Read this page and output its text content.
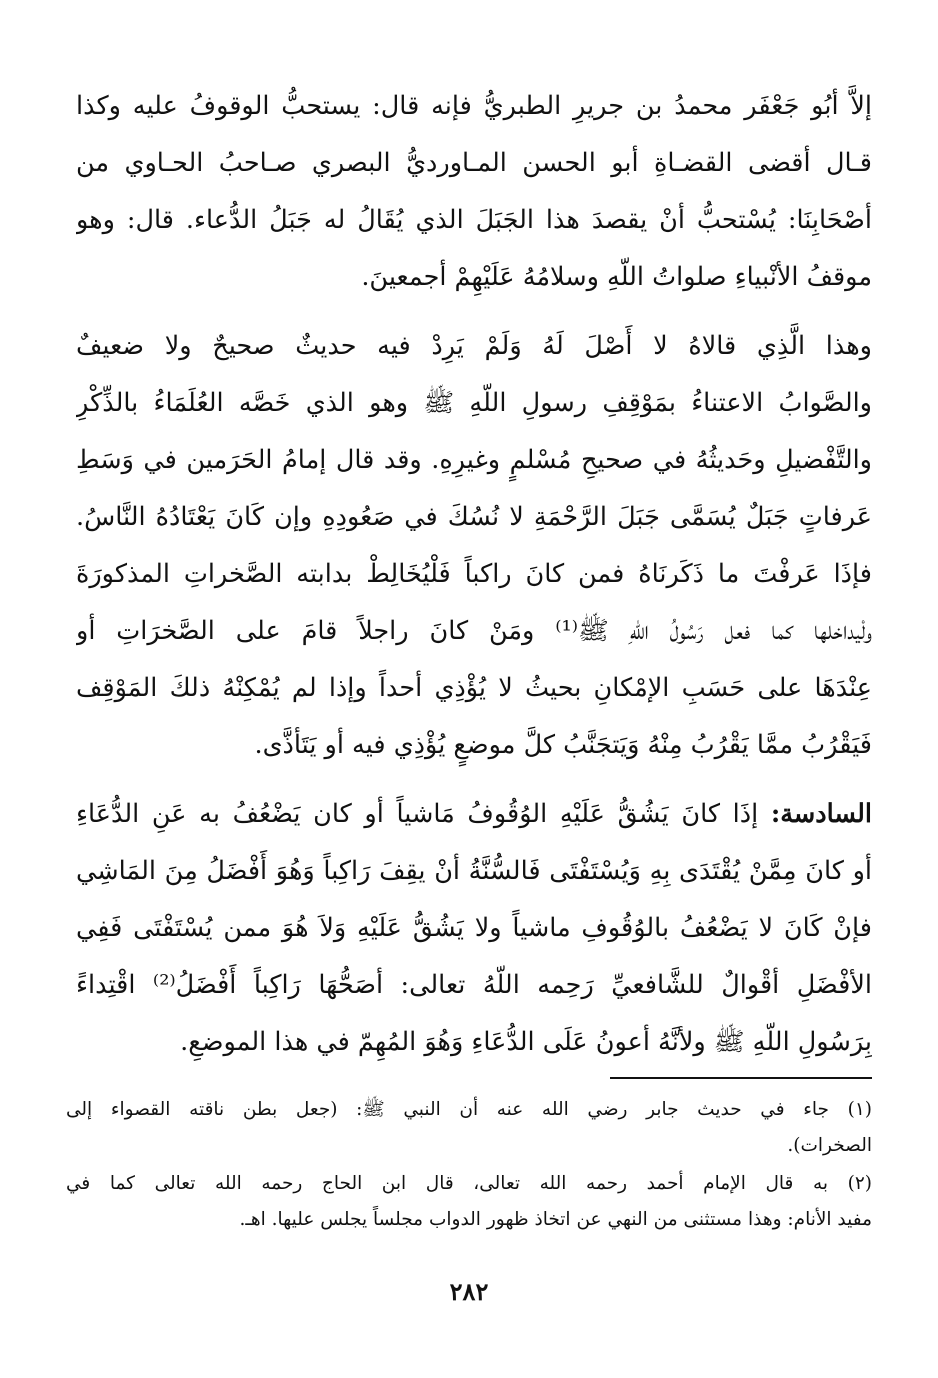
إلاَّ أبُو جَعْفَر محمدُ بن جريرِ الطبريُّ فإنه قال: يستحبُّ الوقوفُ عليه وكذا
قـال أقضى القضـاةِ أبو الحسن المـاورديُّ البصري صـاحبُ الحـاوي من
أصْحَابِنَا: يُسْتحبُّ أنْ يقصدَ هذا الجَبَلَ الذي يُقَالُ له جَبَلُ الدُّعاء. قال: وهو
موقفُ الأنْبياءِ صلواتُ اللّهِ وسلامُهُ عَلَيْهِمْ أجمعينَ.
وهذا الَّذِي قالاهُ لا أَصْلَ لَهُ وَلَمْ يَرِدْ فيه حديثٌ صحيحٌ ولا ضعيفٌ
والصَّوابُ الاعتناءُ بمَوْقِفِ رسولِ اللّهِ ﷺ وهو الذي خَصَّه العُلَمَاءُ بالذِّكْرِ
والتَّفْضيلِ وحَديثُهُ في صحيحِ مُسْلمٍ وغيرِهِ. وقد قال إمامُ الحَرَمين في وَسَطِ
عَرفاتٍ جَبَلٌ يُسَمَّى جَبَلَ الرَّحْمَةِ لا نُسُكَ في صَعُودِهِ وإن كَانَ يَعْتَادُهُ النَّاسُ.
فإذَا عَرفْتَ ما ذَكَرنَاهُ فمن كانَ راكباً فَلْيُخَالِطْ بدابته الصَّخراتِ المذكورَةَ
ولْيداخلها كما فعل رَسُولُ اللّهِ ﷺ⁽¹⁾ ومَنْ كانَ راجلاً قامَ على الصَّخرَاتِ أو
عِنْدَهَا على حَسَبِ الإمْكانِ بحيثُ لا يُؤْذِي أحداً وإذا لم يُمْكِنْهُ ذلكَ المَوْقِف
فَيَقْرُبُ ممَّا يَقْرُبُ مِنْهُ وَيَتجَنَّبُ كلَّ موضعٍ يُؤْذِي فيه أو يَتَأذَّى.
السادسة: إذَا كانَ يَشُقُّ عَلَيْهِ الوُقُوفُ مَاشياً أو كان يَضْعُفُ به عَنِ الدُّعَاءِ
أو كانَ مِمَّنْ يُقْتَدَى بِهِ وَيُسْتَفْتَى فَالسُّنَّةُ أنْ يقِفَ رَاكِباً وَهُوَ أَفْضَلُ مِنَ المَاشِي
فإنْ كَانَ لا يَضْعُفُ بالوُقُوفِ ماشياً ولا يَشُقُّ عَلَيْهِ وَلاَ هُوَ ممن يُسْتَفْتَى فَفِي
الأفْضَلِ أقْوالٌ للشَّافعيِّ رَحِمه اللّهُ تعالى: أصَحُّهَا رَاكِباً أَفْضَلُ⁽²⁾ اقْتِداءً
بِرَسُولِ اللّهِ ﷺ ولأنَّهُ أعونُ عَلَى الدُّعَاءِ وَهُوَ المُهِمّ في هذا الموضعِ.
(١) جاء في حديث جابر رضي الله عنه أن النبي ﷺ: (جعل بطن ناقته القصواء إلى
الصخرات).
(٢) به قال الإمام أحمد رحمه الله تعالى، قال ابن الحاج رحمه الله تعالى كما في
مفيد الأنام: وهذا مستثنى من النهي عن اتخاذ ظهور الدواب مجلساً يجلس عليها. اهـ.
٢٨٢
